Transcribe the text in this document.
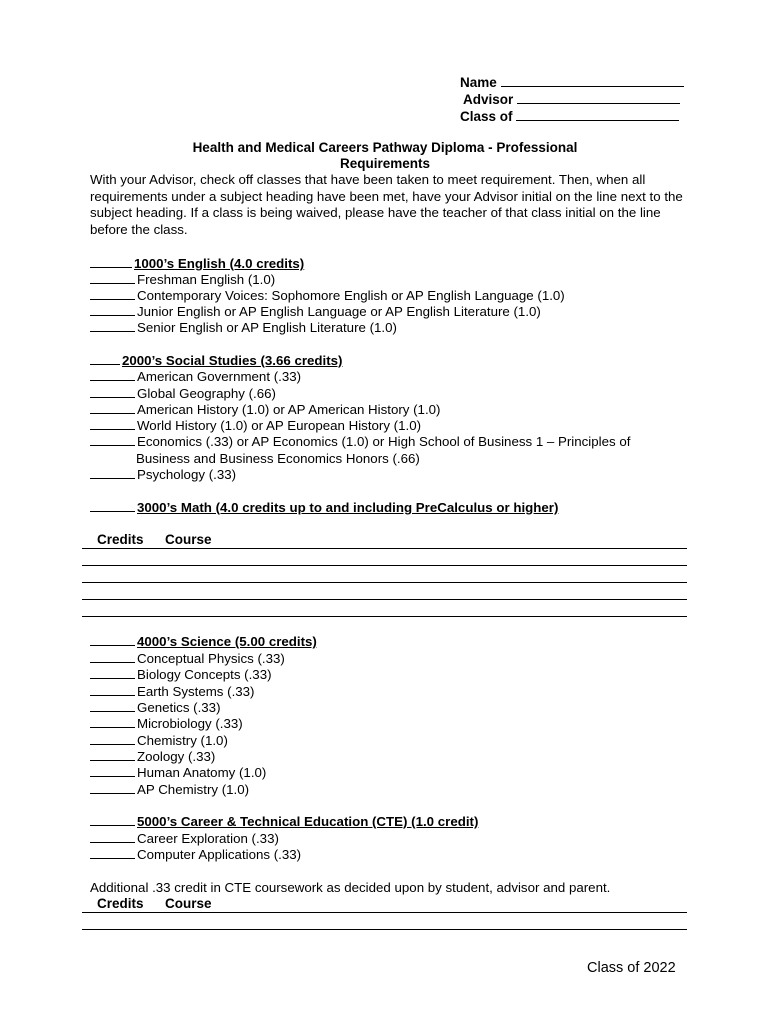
Name
Advisor
Class of
Health and Medical Careers Pathway Diploma - Professional
Requirements
With your Advisor, check off classes that have been taken to meet requirement. Then, when all requirements under a subject heading have been met, have your Advisor initial on the line next to the subject heading. If a class is being waived, please have the teacher of that class initial on the line before the class.
1000’s English (4.0 credits)
Freshman English (1.0)
Contemporary Voices: Sophomore English or AP English Language (1.0)
Junior English or AP English Language or AP English Literature (1.0)
Senior English or AP English Literature (1.0)
2000’s Social Studies (3.66 credits)
American Government (.33)
Global Geography (.66)
American History (1.0) or AP American History (1.0)
World History (1.0) or AP European History (1.0)
Economics (.33) or AP Economics (1.0) or High School of Business 1 – Principles of
Business and Business Economics Honors (.66)
Psychology (.33)
3000’s Math (4.0 credits up to and including PreCalculus or higher)
Credits Course
4000’s Science (5.00 credits)
Conceptual Physics (.33)
Biology Concepts (.33)
Earth Systems (.33)
Genetics (.33)
Microbiology (.33)
Chemistry (1.0)
Zoology (.33)
Human Anatomy (1.0)
AP Chemistry (1.0)
5000’s Career & Technical Education (CTE) (1.0 credit)
Career Exploration (.33)
Computer Applications (.33)
Additional .33 credit in CTE coursework as decided upon by student, advisor and parent.
Credits Course
Class of 2022
